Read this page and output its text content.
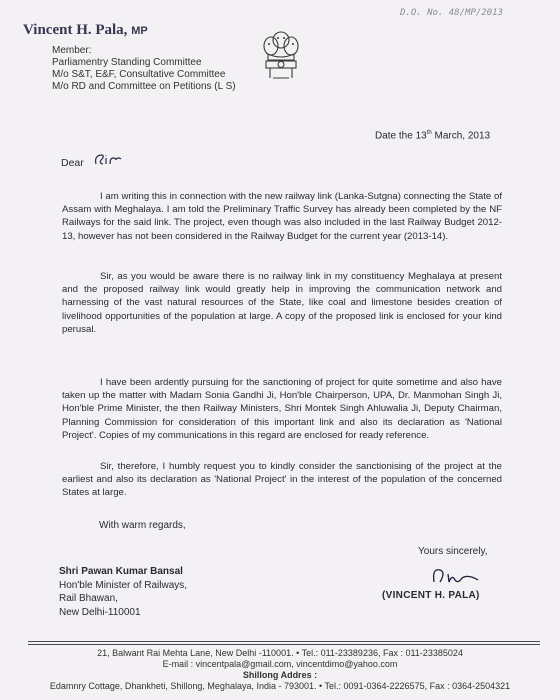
D.O. No. 48/MP/2013
Vincent H. Pala, MP
Member:
Parliamentry Standing Committee
M/o S&T, E&F, Consultative Committee
M/o RD and Committee on Petitions (L S)
Date the 13th March, 2013
Dear
I am writing this in connection with the new railway link (Lanka-Sutgna) connecting the State of Assam with Meghalaya. I am told the Preliminary Traffic Survey has already been completed by the NF Railways for the said link. The project, even though was also included in the last Railway Budget 2012-13, however has not been considered in the Railway Budget for the current year (2013-14).
Sir, as you would be aware there is no railway link in my constituency Meghalaya at present and the proposed railway link would greatly help in improving the communication network and harnessing of the vast natural resources of the State, like coal and limestone besides creation of livelihood opportunities of the population at large. A copy of the proposed link is enclosed for your kind perusal.
I have been ardently pursuing for the sanctioning of project for quite sometime and also have taken up the matter with Madam Sonia Gandhi Ji, Hon'ble Chairperson, UPA, Dr. Manmohan Singh Ji, Hon'ble Prime Minister, the then Railway Ministers, Shri Montek Singh Ahluwalia Ji, Deputy Chairman, Planning Commission for consideration of this important link and also its declaration as 'National Project'. Copies of my communications in this regard are enclosed for ready reference.
Sir, therefore, I humbly request you to kindly consider the sanctionising of the project at the earliest and also its declaration as 'National Project' in the interest of the population of the concerned States at large.
With warm regards,
Shri Pawan Kumar Bansal
Hon'ble Minister of Railways,
Rail Bhawan,
New Delhi-110001
Yours sincerely,
(VINCENT H. PALA)
21, Balwant Rai Mehta Lane, New Delhi -110001. • Tel.: 011-23389236, Fax : 011-23385024
E-mail : vincentpala@gmail.com, vincentdimo@yahoo.com
Shillong Addres :
Edamnry Cottage, Dhankheti, Shillong, Meghalaya, India - 793001. • Tel.: 0091-0364-2226575, Fax : 0364-2504321
